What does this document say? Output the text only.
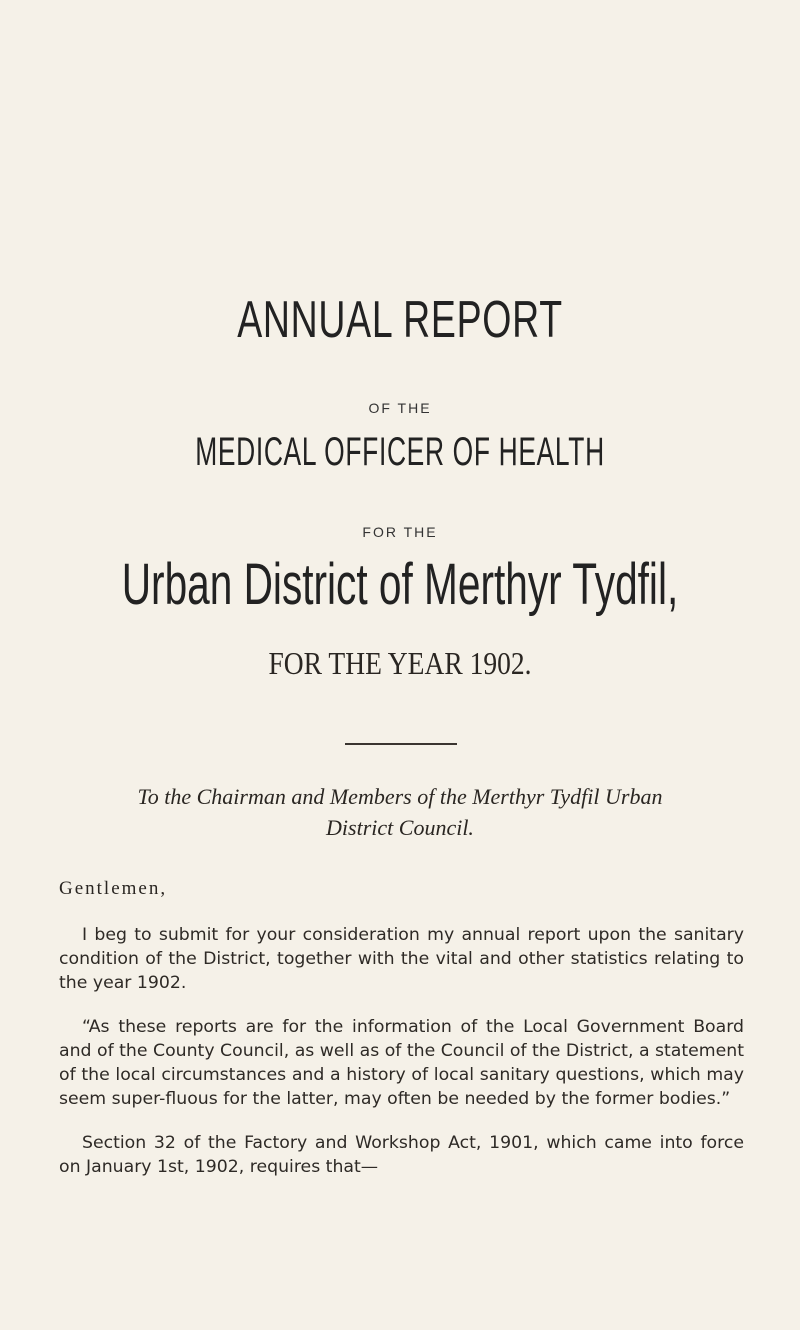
ANNUAL REPORT
OF THE
MEDICAL OFFICER OF HEALTH
FOR THE
Urban District of Merthyr Tydfil,
FOR THE YEAR 1902.
To the Chairman and Members of the Merthyr Tydfil Urban
District Council.
Gentlemen,
I beg to submit for your consideration my annual report upon the sanitary condition of the District, together with the vital and other statistics relating to the year 1902.
“As these reports are for the information of the Local Government Board and of the County Council, as well as of the Council of the District, a statement of the local circumstances and a history of local sanitary questions, which may seem super-fluous for the latter, may often be needed by the former bodies.”
Section 32 of the Factory and Workshop Act, 1901, which came into force on January 1st, 1902, requires that—
